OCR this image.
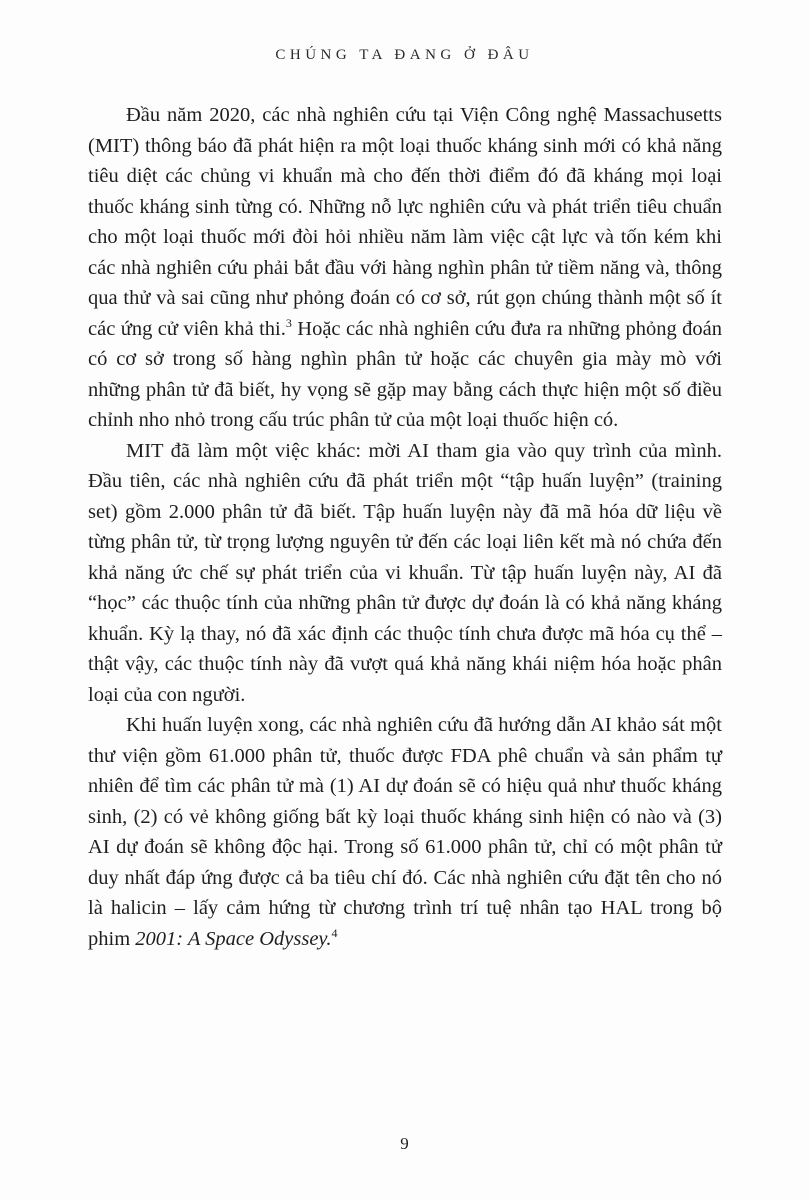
CHÚNG TA ĐANG Ở ĐÂU

Đầu năm 2020, các nhà nghiên cứu tại Viện Công nghệ Massachusetts (MIT) thông báo đã phát hiện ra một loại thuốc kháng sinh mới có khả năng tiêu diệt các chủng vi khuẩn mà cho đến thời điểm đó đã kháng mọi loại thuốc kháng sinh từng có. Những nỗ lực nghiên cứu và phát triển tiêu chuẩn cho một loại thuốc mới đòi hỏi nhiều năm làm việc cật lực và tốn kém khi các nhà nghiên cứu phải bắt đầu với hàng nghìn phân tử tiềm năng và, thông qua thử và sai cũng như phỏng đoán có cơ sở, rút gọn chúng thành một số ít các ứng cử viên khả thi.$^3$ Hoặc các nhà nghiên cứu đưa ra những phỏng đoán có cơ sở trong số hàng nghìn phân tử hoặc các chuyên gia mày mò với những phân tử đã biết, hy vọng sẽ gặp may bằng cách thực hiện một số điều chỉnh nho nhỏ trong cấu trúc phân tử của một loại thuốc hiện có.

MIT đã làm một việc khác: mời AI tham gia vào quy trình của mình. Đầu tiên, các nhà nghiên cứu đã phát triển một “tập huấn luyện” (training set) gồm 2.000 phân tử đã biết. Tập huấn luyện này đã mã hóa dữ liệu về từng phân tử, từ trọng lượng nguyên tử đến các loại liên kết mà nó chứa đến khả năng ức chế sự phát triển của vi khuẩn. Từ tập huấn luyện này, AI đã “học” các thuộc tính của những phân tử được dự đoán là có khả năng kháng khuẩn. Kỳ lạ thay, nó đã xác định các thuộc tính chưa được mã hóa cụ thể – thật vậy, các thuộc tính này đã vượt quá khả năng khái niệm hóa hoặc phân loại của con người.

Khi huấn luyện xong, các nhà nghiên cứu đã hướng dẫn AI khảo sát một thư viện gồm 61.000 phân tử, thuốc được FDA phê chuẩn và sản phẩm tự nhiên để tìm các phân tử mà (1) AI dự đoán sẽ có hiệu quả như thuốc kháng sinh, (2) có vẻ không giống bất kỳ loại thuốc kháng sinh hiện có nào và (3) AI dự đoán sẽ không độc hại. Trong số 61.000 phân tử, chỉ có một phân tử duy nhất đáp ứng được cả ba tiêu chí đó. Các nhà nghiên cứu đặt tên cho nó là halicin – lấy cảm hứng từ chương trình trí tuệ nhân tạo HAL trong bộ phim 2001: A Space Odyssey.$^4$

9
